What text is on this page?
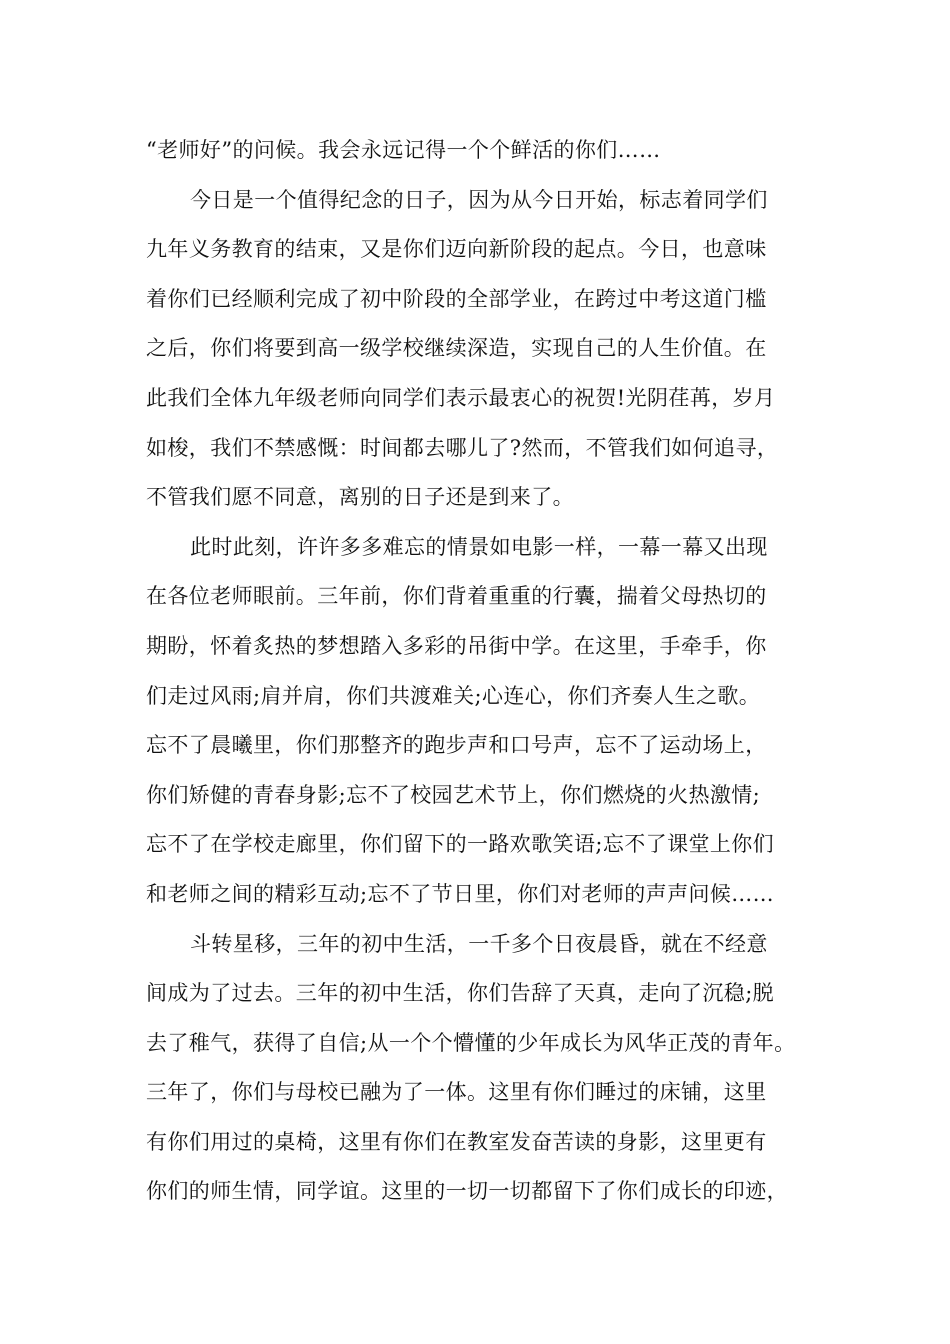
“老师好”的问候。我会永远记得一个个鲜活的你们……
今日是一个值得纪念的日子，因为从今日开始，标志着同学们
九年义务教育的结束，又是你们迈向新阶段的起点。今日，也意味
着你们已经顺利完成了初中阶段的全部学业，在跨过中考这道门槛
之后，你们将要到高一级学校继续深造，实现自己的人生价值。在
此我们全体九年级老师向同学们表示最衷心的祝贺!光阴荏苒，岁月
如梭，我们不禁感慨：时间都去哪儿了?然而，不管我们如何追寻，
不管我们愿不同意，离别的日子还是到来了。
此时此刻，许许多多难忘的情景如电影一样，一幕一幕又出现
在各位老师眼前。三年前，你们背着重重的行囊，揣着父母热切的
期盼，怀着炙热的梦想踏入多彩的吊街中学。在这里，手牵手，你
们走过风雨;肩并肩，你们共渡难关;心连心，你们齐奏人生之歌。
忘不了晨曦里，你们那整齐的跑步声和口号声，忘不了运动场上，
你们矫健的青春身影;忘不了校园艺术节上，你们燃烧的火热激情;
忘不了在学校走廊里，你们留下的一路欢歌笑语;忘不了课堂上你们
和老师之间的精彩互动;忘不了节日里，你们对老师的声声问候……
斗转星移，三年的初中生活，一千多个日夜晨昏，就在不经意
间成为了过去。三年的初中生活，你们告辞了天真，走向了沉稳;脱
去了稚气，获得了自信;从一个个懵懂的少年成长为风华正茂的青年。
三年了，你们与母校已融为了一体。这里有你们睡过的床铺，这里
有你们用过的桌椅，这里有你们在教室发奋苦读的身影，这里更有
你们的师生情，同学谊。这里的一切一切都留下了你们成长的印迹，
